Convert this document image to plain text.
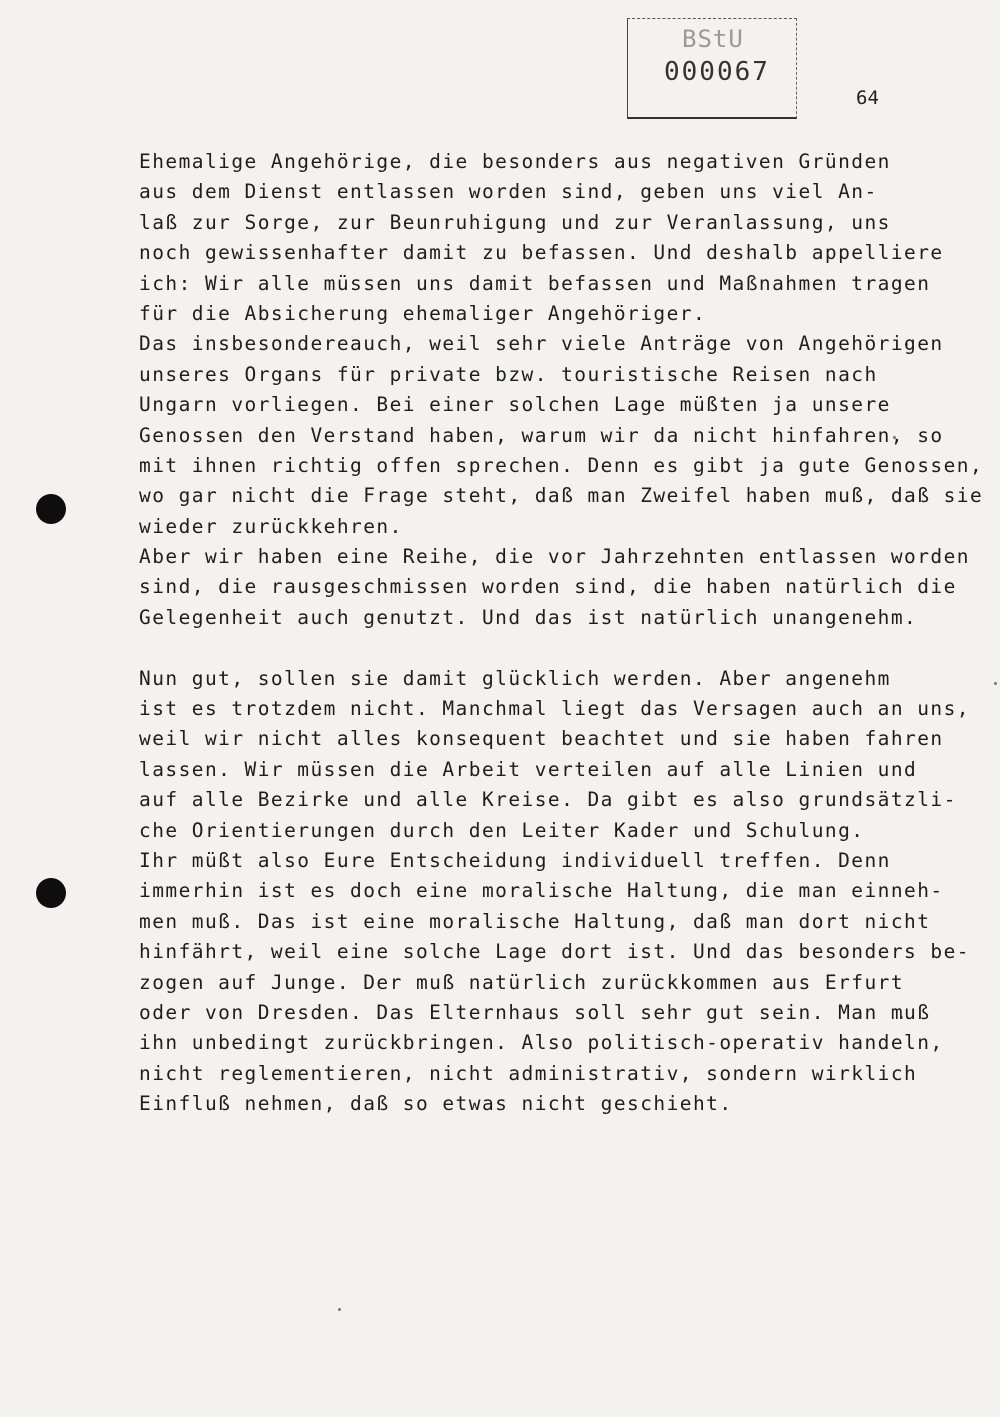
BStU
000067
64
Ehemalige Angehörige, die besonders aus negativen Gründen
aus dem Dienst entlassen worden sind, geben uns viel An-
laß zur Sorge, zur Beunruhigung und zur Veranlassung, uns
noch gewissenhafter damit zu befassen. Und deshalb appelliere
ich: Wir alle müssen uns damit befassen und Maßnahmen tragen
für die Absicherung ehemaliger Angehöriger.
Das insbesondereauch, weil sehr viele Anträge von Angehörigen
unseres Organs für private bzw. touristische Reisen nach
Ungarn vorliegen. Bei einer solchen Lage müßten ja unsere
Genossen den Verstand haben, warum wir da nicht hinfahren, so
mit ihnen richtig offen sprechen. Denn es gibt ja gute Genossen,
wo gar nicht die Frage steht, daß man Zweifel haben muß, daß sie
wieder zurückkehren.
Aber wir haben eine Reihe, die vor Jahrzehnten entlassen worden
sind, die rausgeschmissen worden sind, die haben natürlich die
Gelegenheit auch genutzt. Und das ist natürlich unangenehm.
Nun gut, sollen sie damit glücklich werden. Aber angenehm
ist es trotzdem nicht. Manchmal liegt das Versagen auch an uns,
weil wir nicht alles konsequent beachtet und sie haben fahren
lassen. Wir müssen die Arbeit verteilen auf alle Linien und
auf alle Bezirke und alle Kreise. Da gibt es also grundsätzli-
che Orientierungen durch den Leiter Kader und Schulung.
Ihr müßt also Eure Entscheidung individuell treffen. Denn
immerhin ist es doch eine moralische Haltung, die man einneh-
men muß. Das ist eine moralische Haltung, daß man dort nicht
hinfährt, weil eine solche Lage dort ist. Und das besonders be-
zogen auf Junge. Der muß natürlich zurückkommen aus Erfurt
oder von Dresden. Das Elternhaus soll sehr gut sein. Man muß
ihn unbedingt zurückbringen. Also politisch-operativ handeln,
nicht reglementieren, nicht administrativ, sondern wirklich
Einfluß nehmen, daß so etwas nicht geschieht.
